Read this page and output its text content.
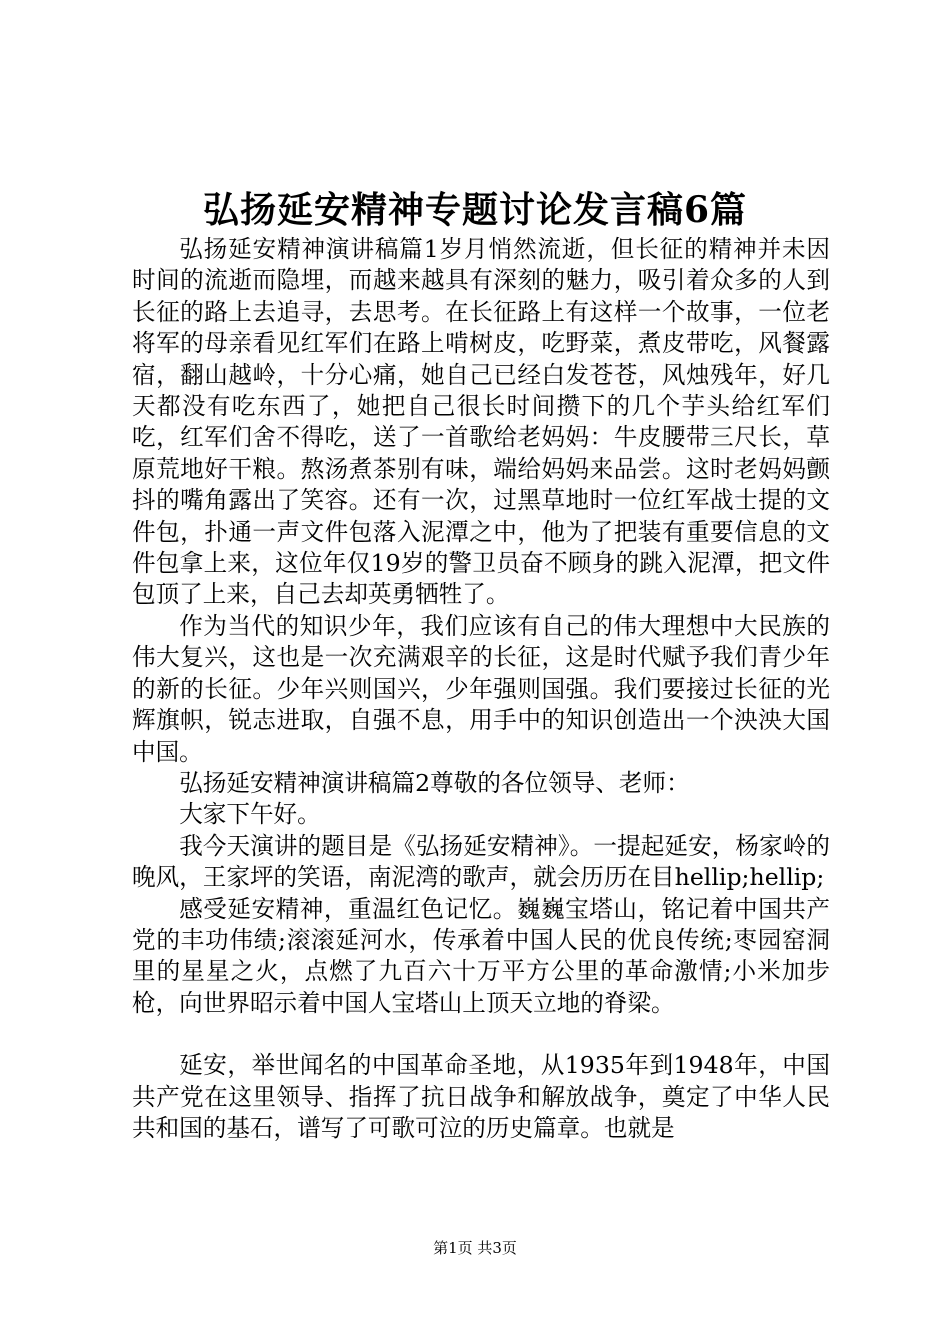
弘扬延安精神专题讨论发言稿6篇

弘扬延安精神演讲稿篇1岁月悄然流逝，但长征的精神并未因时间的流逝而隐埋，而越来越具有深刻的魅力，吸引着众多的人到长征的路上去追寻，去思考。在长征路上有这样一个故事，一位老将军的母亲看见红军们在路上啃树皮，吃野菜，煮皮带吃，风餐露宿，翻山越岭，十分心痛，她自己已经白发苍苍，风烛残年，好几天都没有吃东西了，她把自己很长时间攒下的几个芋头给红军们吃，红军们舍不得吃，送了一首歌给老妈妈：牛皮腰带三尺长，草原荒地好干粮。熬汤煮茶别有味，端给妈妈来品尝。这时老妈妈颤抖的嘴角露出了笑容。还有一次，过黑草地时一位红军战士提的文件包，扑通一声文件包落入泥潭之中，他为了把装有重要信息的文件包拿上来，这位年仅19岁的警卫员奋不顾身的跳入泥潭，把文件包顶了上来，自己去却英勇牺牲了。

作为当代的知识少年，我们应该有自己的伟大理想中大民族的伟大复兴，这也是一次充满艰辛的长征，这是时代赋予我们青少年的新的长征。少年兴则国兴，少年强则国强。我们要接过长征的光辉旗帜，锐志进取，自强不息，用手中的知识创造出一个泱泱大国中国。

弘扬延安精神演讲稿篇2尊敬的各位领导、老师：

大家下午好。

我今天演讲的题目是《弘扬延安精神》。一提起延安，杨家岭的晚风，王家坪的笑语，南泥湾的歌声，就会历历在目hellip;hellip;

感受延安精神，重温红色记忆。巍巍宝塔山，铭记着中国共产党的丰功伟绩;滚滚延河水，传承着中国人民的优良传统;枣园窑洞里的星星之火，点燃了九百六十万平方公里的革命激情;小米加步枪，向世界昭示着中国人宝塔山上顶天立地的脊梁。

延安，举世闻名的中国革命圣地，从1935年到1948年，中国共产党在这里领导、指挥了抗日战争和解放战争，奠定了中华人民共和国的基石，谱写了可歌可泣的历史篇章。也就是

第1页 共3页
